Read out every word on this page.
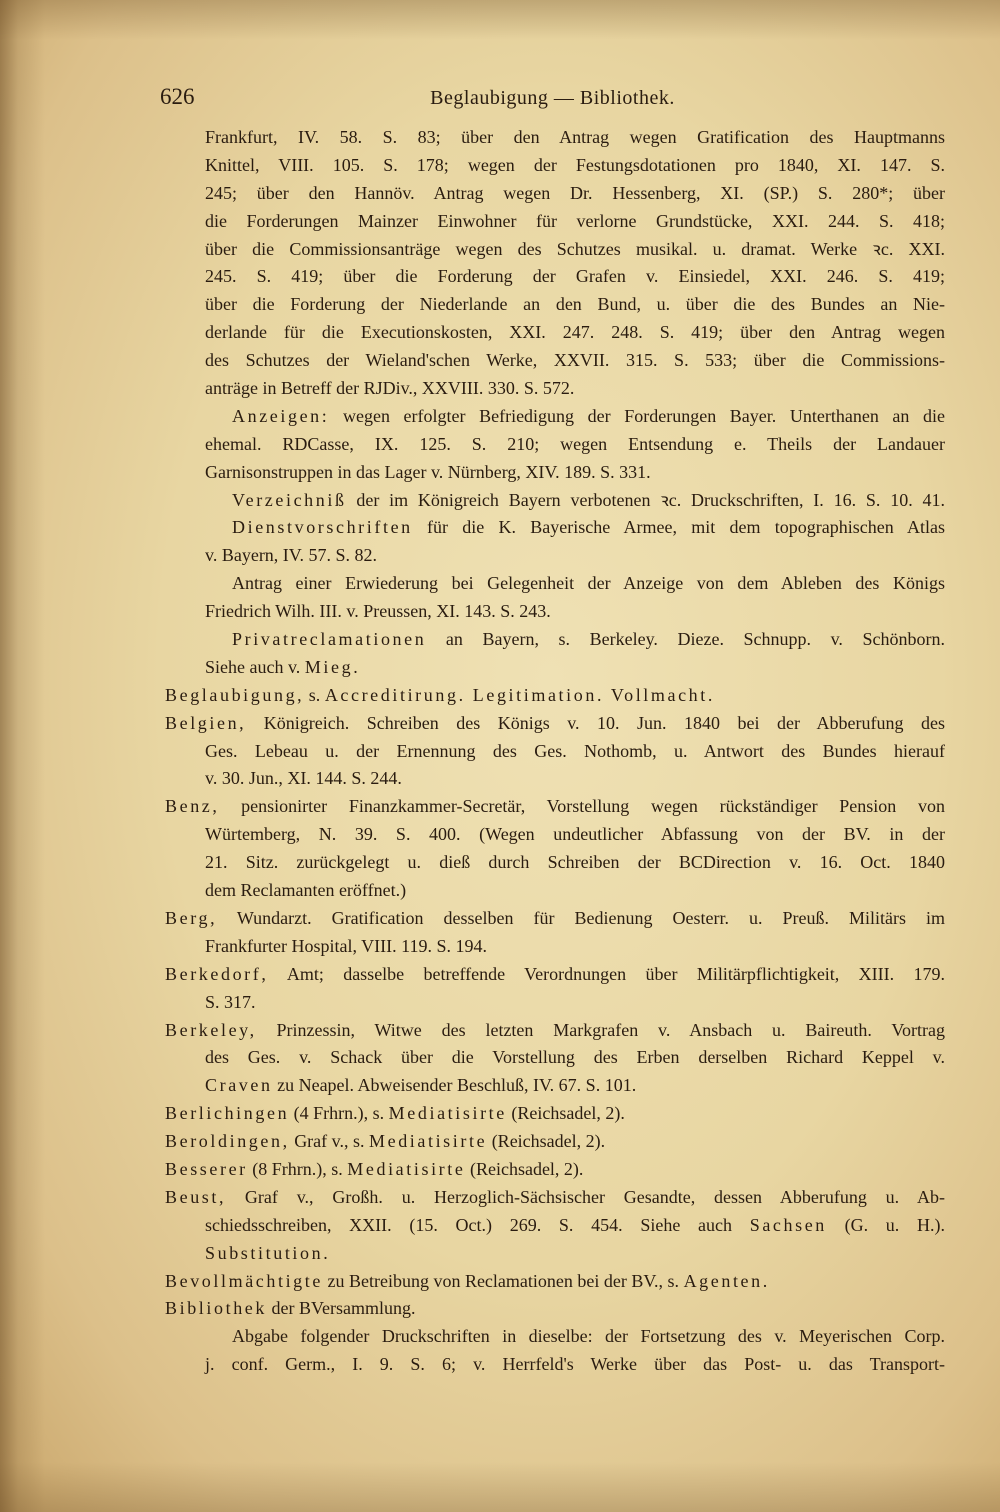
626	Beglaubigung — Bibliothek.
Frankfurt, IV. 58. S. 83; über den Antrag wegen Gratification des Hauptmanns
Knittel, VIII. 105. S. 178; wegen der Festungsdotationen pro 1840, XI. 147. S.
245; über den Hannöv. Antrag wegen Dr. Hessenberg, XI. (SP.) S. 280*; über
die Forderungen Mainzer Einwohner für verlorne Grundstücke, XXI. 244. S. 418;
über die Commissionsanträge wegen des Schutzes musikal. u. dramat. Werke ꝛc. XXI.
245. S. 419; über die Forderung der Grafen v. Einsiedel, XXI. 246. S. 419;
über die Forderung der Niederlande an den Bund, u. über die des Bundes an Nie-
derlande für die Executionskosten, XXI. 247. 248. S. 419; über den Antrag wegen
des Schutzes der Wieland'schen Werke, XXVII. 315. S. 533; über die Commissions-
anträge in Betreff der RJDiv., XXVIII. 330. S. 572.
Anzeigen: wegen erfolgter Befriedigung der Forderungen Bayer. Unterthanen an die
ehemal. RDCasse, IX. 125. S. 210; wegen Entsendung e. Theils der Landauer
Garnisonstruppen in das Lager v. Nürnberg, XIV. 189. S. 331.
Verzeichniß der im Königreich Bayern verbotenen ꝛc. Druckschriften, I. 16. S. 10. 41.
Dienstvorschriften für die K. Bayerische Armee, mit dem topographischen Atlas
v. Bayern, IV. 57. S. 82.
Antrag einer Erwiederung bei Gelegenheit der Anzeige von dem Ableben des Königs
Friedrich Wilh. III. v. Preussen, XI. 143. S. 243.
Privatreclamationen an Bayern, s. Berkeley. Dieze. Schnupp. v. Schönborn.
Siehe auch v. Mieg.
Beglaubigung, s. Accreditirung. Legitimation. Vollmacht.
Belgien, Königreich. Schreiben des Königs v. 10. Jun. 1840 bei der Abberufung des
Ges. Lebeau u. der Ernennung des Ges. Nothomb, u. Antwort des Bundes hierauf
v. 30. Jun., XI. 144. S. 244.
Benz, pensionirter Finanzkammer-Secretär, Vorstellung wegen rückständiger Pension von
Würtemberg, N. 39. S. 400. (Wegen undeutlicher Abfassung von der BV. in der
21. Sitz. zurückgelegt u. dieß durch Schreiben der BCDirection v. 16. Oct. 1840
dem Reclamanten eröffnet.)
Berg, Wundarzt. Gratification desselben für Bedienung Oesterr. u. Preuß. Militärs im
Frankfurter Hospital, VIII. 119. S. 194.
Berkedorf, Amt; dasselbe betreffende Verordnungen über Militärpflichtigkeit, XIII. 179.
S. 317.
Berkeley, Prinzessin, Witwe des letzten Markgrafen v. Ansbach u. Baireuth. Vortrag
des Ges. v. Schack über die Vorstellung des Erben derselben Richard Keppel v.
Craven zu Neapel. Abweisender Beschluß, IV. 67. S. 101.
Berlichingen (4 Frhrn.), s. Mediatisirte (Reichsadel, 2).
Beroldingen, Graf v., s. Mediatisirte (Reichsadel, 2).
Besserer (8 Frhrn.), s. Mediatisirte (Reichsadel, 2).
Beust, Graf v., Großh. u. Herzoglich-Sächsischer Gesandte, dessen Abberufung u. Ab-
schiedsschreiben, XXII. (15. Oct.) 269. S. 454. Siehe auch Sachsen (G. u. H.).
Substitution.
Bevollmächtigte zu Betreibung von Reclamationen bei der BV., s. Agenten.
Bibliothek der BVersammlung.
Abgabe folgender Druckschriften in dieselbe: der Fortsetzung des v. Meyerischen Corp.
j. conf. Germ., I. 9. S. 6; v. Herrfeld's Werke über das Post- u. das Transport-
